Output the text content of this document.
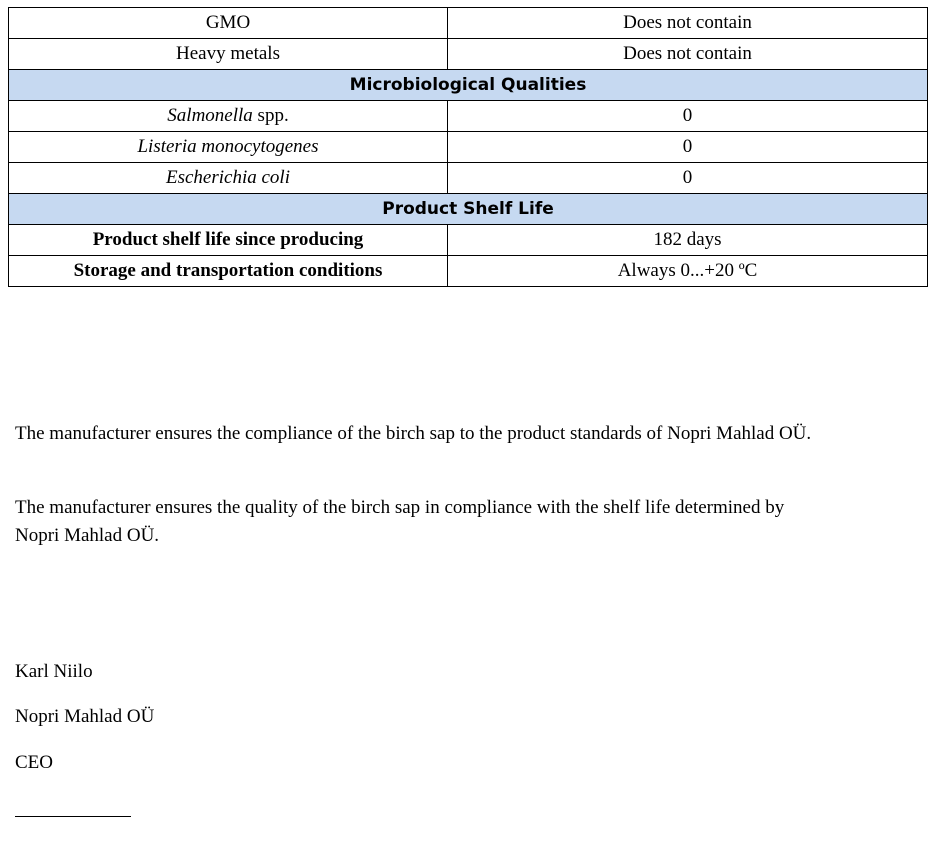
GMO	Does not contain
Heavy metals	Does not contain
Microbiological Qualities	
Salmonella spp.	0
Listeria monocytogenes	0
Escherichia coli	0
Product Shelf Life	
Product shelf life since producing	182 days
Storage and transportation conditions	Always 0...+20 ºC

The manufacturer ensures the compliance of the birch sap to the product standards of Nopri Mahlad OÜ.

The manufacturer ensures the quality of the birch sap in compliance with the shelf life determined by Nopri Mahlad OÜ.

Karl Niilo

Nopri Mahlad OÜ

CEO
